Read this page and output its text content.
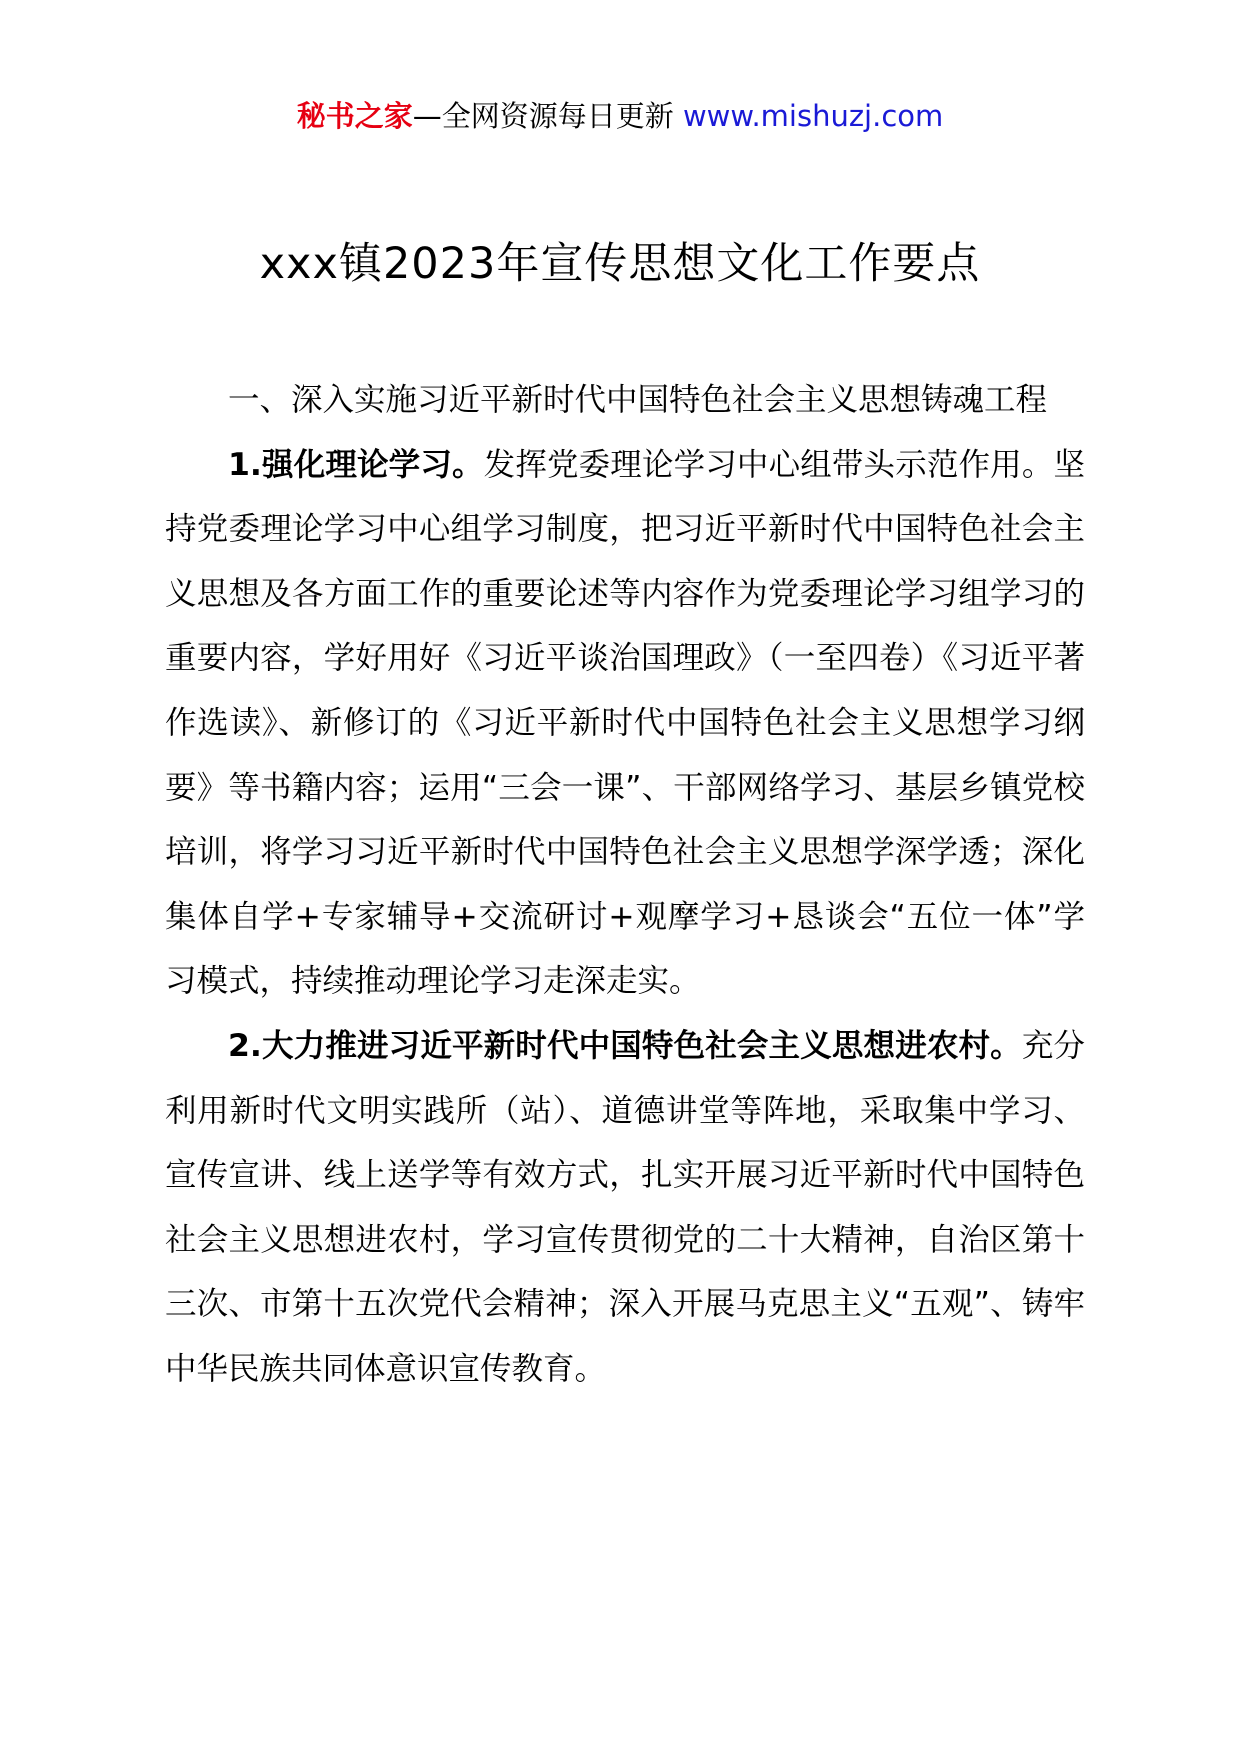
秘书之家—全网资源每日更新 www.mishuzj.com
xxx镇2023年宣传思想文化工作要点

一、深入实施习近平新时代中国特色社会主义思想铸魂工程

1.强化理论学习。发挥党委理论学习中心组带头示范作用。坚持党委理论学习中心组学习制度，把习近平新时代中国特色社会主义思想及各方面工作的重要论述等内容作为党委理论学习组学习的重要内容，学好用好《习近平谈治国理政》（一至四卷）《习近平著作选读》、新修订的《习近平新时代中国特色社会主义思想学习纲要》等书籍内容；运用“三会一课”、干部网络学习、基层乡镇党校培训，将学习习近平新时代中国特色社会主义思想学深学透；深化集体自学+专家辅导+交流研讨+观摩学习+恳谈会“五位一体”学习模式，持续推动理论学习走深走实。

2.大力推进习近平新时代中国特色社会主义思想进农村。充分利用新时代文明实践所（站）、道德讲堂等阵地，采取集中学习、宣传宣讲、线上送学等有效方式，扎实开展习近平新时代中国特色社会主义思想进农村，学习宣传贯彻党的二十大精神，自治区第十三次、市第十五次党代会精神；深入开展马克思主义“五观”、铸牢中华民族共同体意识宣传教育。
